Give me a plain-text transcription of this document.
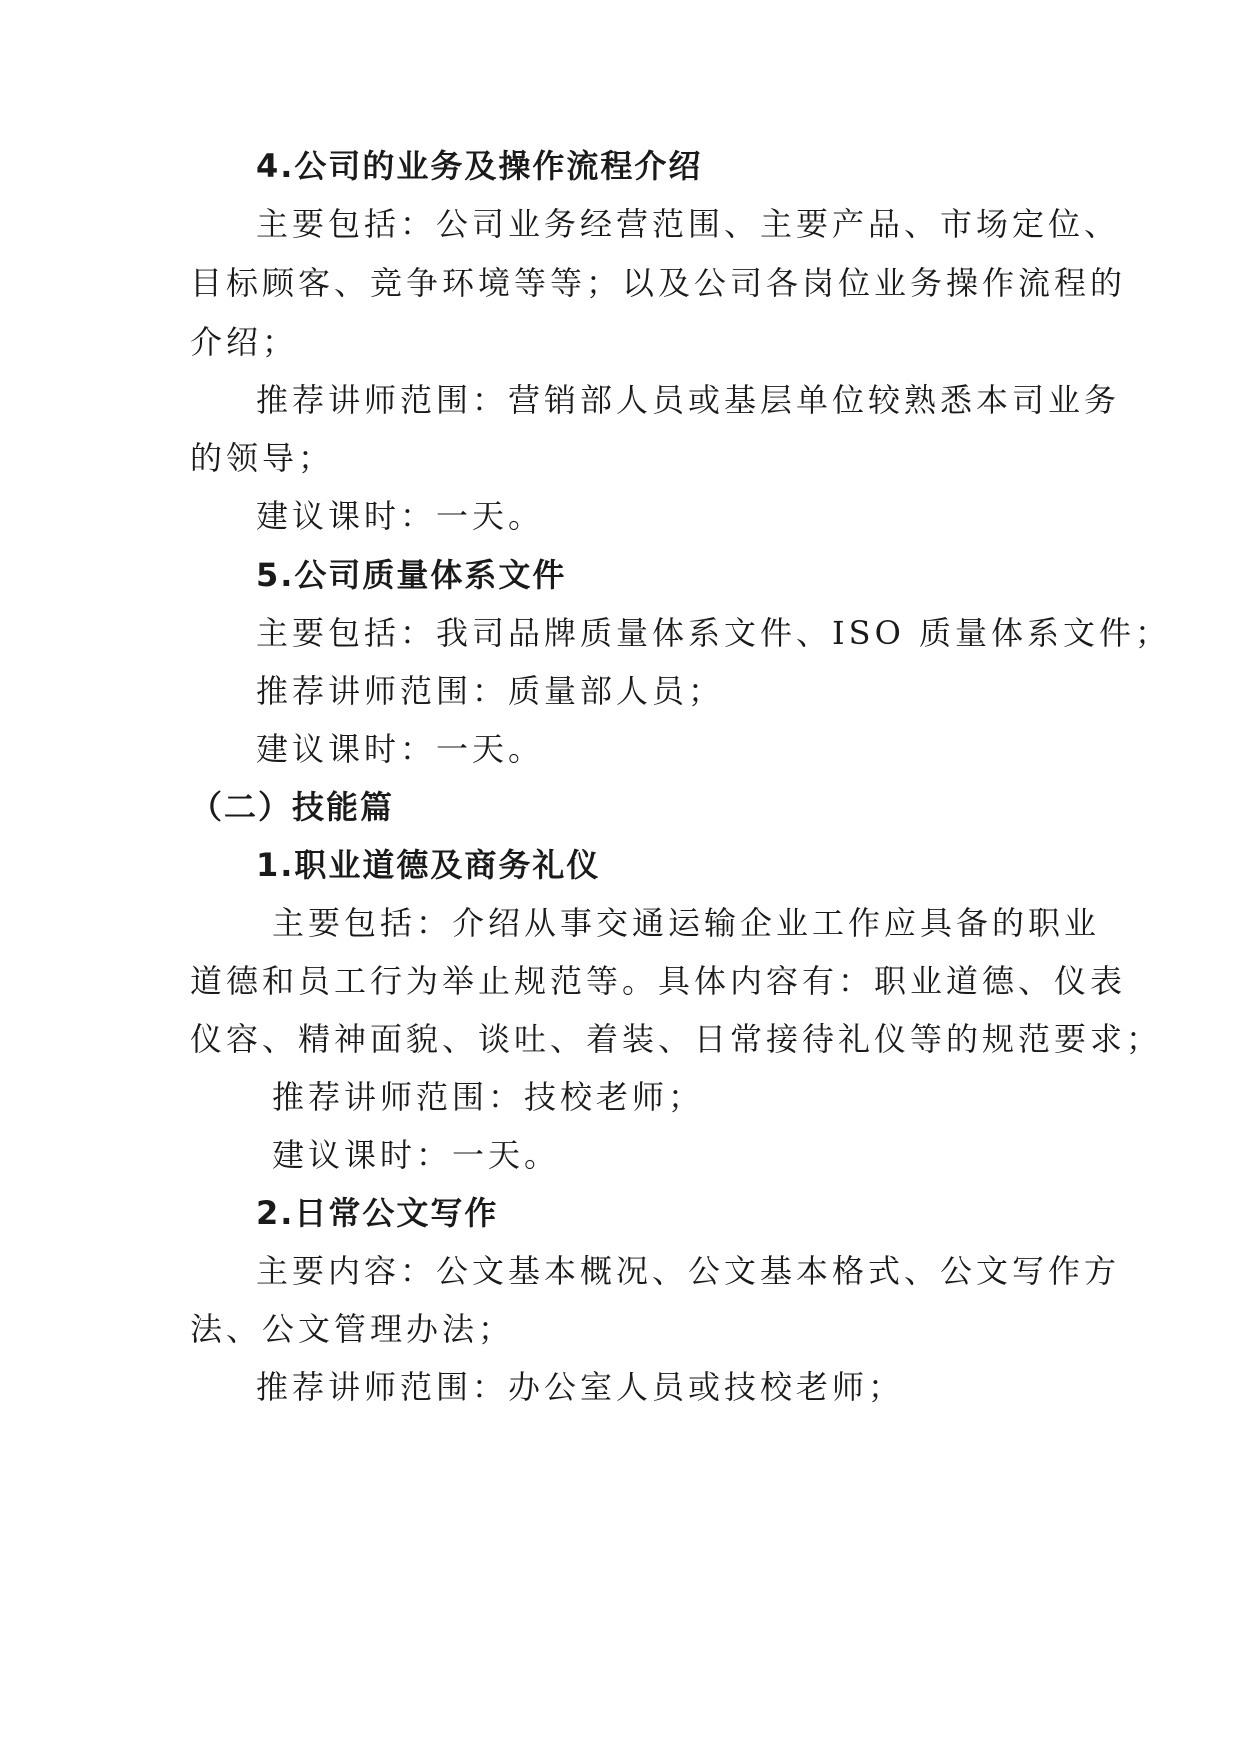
4.公司的业务及操作流程介绍
主要包括：公司业务经营范围、主要产品、市场定位、
目标顾客、竞争环境等等；以及公司各岗位业务操作流程的
介绍；
推荐讲师范围：营销部人员或基层单位较熟悉本司业务
的领导；
建议课时：一天。
5.公司质量体系文件
主要包括：我司品牌质量体系文件、ISO 质量体系文件；
推荐讲师范围：质量部人员；
建议课时：一天。
（二）技能篇
1.职业道德及商务礼仪
主要包括：介绍从事交通运输企业工作应具备的职业
道德和员工行为举止规范等。具体内容有：职业道德、仪表
仪容、精神面貌、谈吐、着装、日常接待礼仪等的规范要求；
推荐讲师范围：技校老师；
建议课时：一天。
2.日常公文写作
主要内容：公文基本概况、公文基本格式、公文写作方
法、公文管理办法；
推荐讲师范围：办公室人员或技校老师；
